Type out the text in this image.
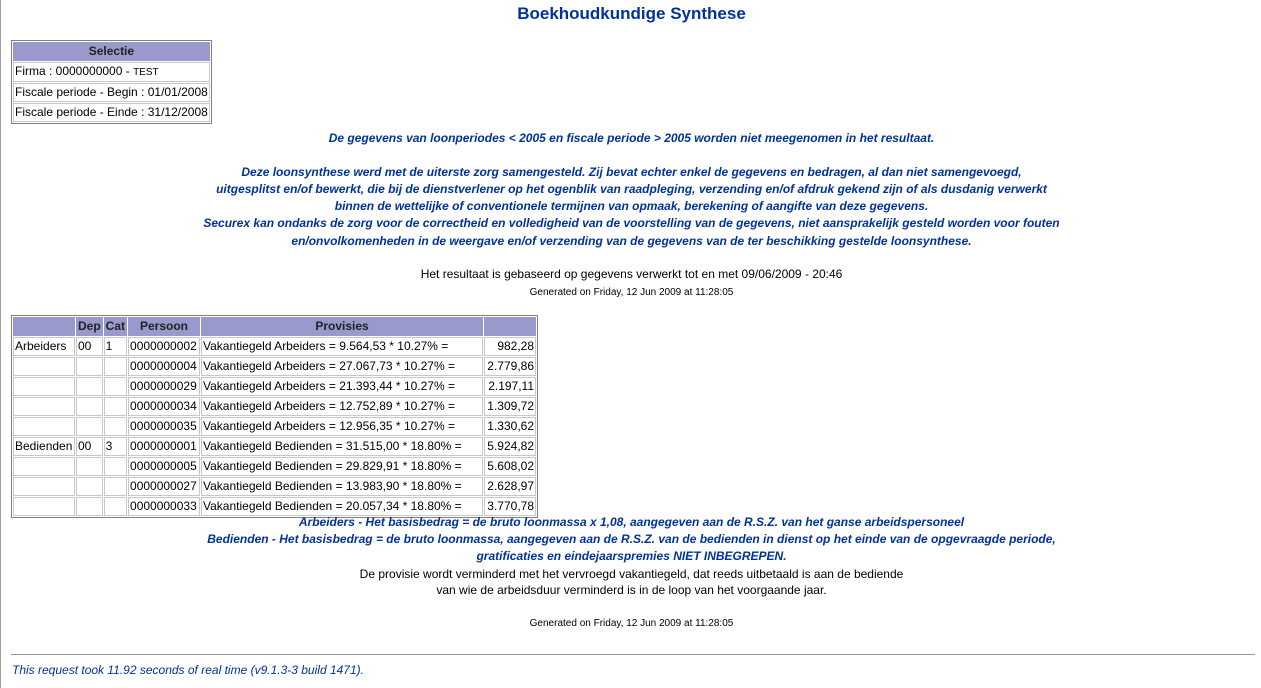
Boekhoudkundige Synthese
Selectie
Firma : 0000000000 - TEST
Fiscale periode - Begin : 01/01/2008
Fiscale periode - Einde : 31/12/2008
De gegevens van loonperiodes < 2005 en fiscale periode > 2005 worden niet meegenomen in het resultaat.
Deze loonsynthese werd met de uiterste zorg samengesteld. Zij bevat echter enkel de gegevens en bedragen, al dan niet samengevoegd,
uitgesplitst en/of bewerkt, die bij de dienstverlener op het ogenblik van raadpleging, verzending en/of afdruk gekend zijn of als dusdanig verwerkt
binnen de wettelijke of conventionele termijnen van opmaak, berekening of aangifte van deze gegevens.
Securex kan ondanks de zorg voor de correctheid en volledigheid van de voorstelling van de gegevens, niet aansprakelijk gesteld worden voor fouten
en/onvolkomenheden in de weergave en/of verzending van de gegevens van de ter beschikking gestelde loonsynthese.
Het resultaat is gebaseerd op gegevens verwerkt tot en met 09/06/2009 - 20:46
Generated on Friday, 12 Jun 2009 at 11:28:05
	Dep	Cat	Persoon	Provisies	
Arbeiders	00	1	0000000002	Vakantiegeld Arbeiders = 9.564,53 * 10.27% =	982,28
			0000000004	Vakantiegeld Arbeiders = 27.067,73 * 10.27% =	2.779,86
			0000000029	Vakantiegeld Arbeiders = 21.393,44 * 10.27% =	2.197,11
			0000000034	Vakantiegeld Arbeiders = 12.752,89 * 10.27% =	1.309,72
			0000000035	Vakantiegeld Arbeiders = 12.956,35 * 10.27% =	1.330,62
Bedienden	00	3	0000000001	Vakantiegeld Bedienden = 31.515,00 * 18.80% =	5.924,82
			0000000005	Vakantiegeld Bedienden = 29.829,91 * 18.80% =	5.608,02
			0000000027	Vakantiegeld Bedienden = 13.983,90 * 18.80% =	2.628,97
			0000000033	Vakantiegeld Bedienden = 20.057,34 * 18.80% =	3.770,78
Arbeiders - Het basisbedrag = de bruto loonmassa x 1,08, aangegeven aan de R.S.Z. van het ganse arbeidspersoneel
Bedienden - Het basisbedrag = de bruto loonmassa, aangegeven aan de R.S.Z. van de bedienden in dienst op het einde van de opgevraagde periode,
gratificaties en eindejaarspremies NIET INBEGREPEN.
De provisie wordt verminderd met het vervroegd vakantiegeld, dat reeds uitbetaald is aan de bediende
van wie de arbeidsduur verminderd is in de loop van het voorgaande jaar.
Generated on Friday, 12 Jun 2009 at 11:28:05
This request took 11.92 seconds of real time (v9.1.3-3 build 1471).
